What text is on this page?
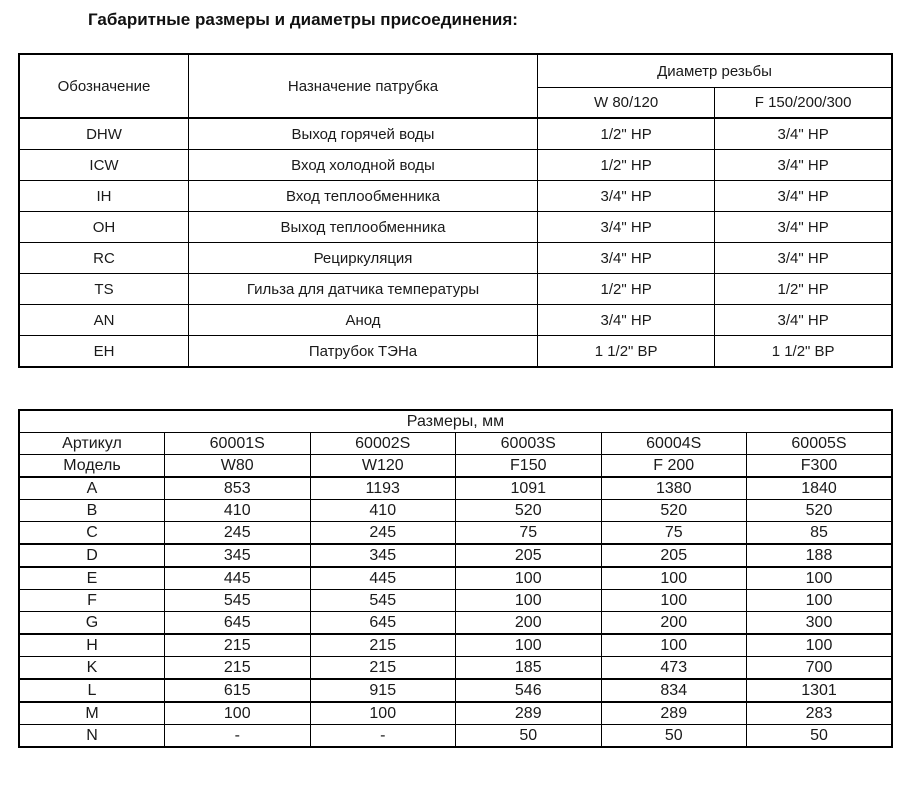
Габаритные размеры и диаметры присоединения:
Обозначение	Назначение патрубка	Диаметр резьбы	
		W 80/120	F 150/200/300
DHW	Выход горячей воды	1/2" НР	3/4" НР
ICW	Вход холодной воды	1/2" НР	3/4" НР
IH	Вход теплообменника	3/4" НР	3/4" НР
OH	Выход теплообменника	3/4" НР	3/4" НР
RC	Рециркуляция	3/4" НР	3/4" НР
TS	Гильза для датчика температуры	1/2" НР	1/2" НР
AN	Анод	3/4" НР	3/4" НР
EH	Патрубок ТЭНа	1 1/2" ВР	1 1/2" ВР
Размеры, мм					
Артикул	60001S	60002S	60003S	60004S	60005S
Модель	W80	W120	F150	F 200	F300
A	853	1193	1091	1380	1840
B	410	410	520	520	520
C	245	245	75	75	85
D	345	345	205	205	188
E	445	445	100	100	100
F	545	545	100	100	100
G	645	645	200	200	300
H	215	215	100	100	100
K	215	215	185	473	700
L	615	915	546	834	1301
M	100	100	289	289	283
N	-	-	50	50	50
